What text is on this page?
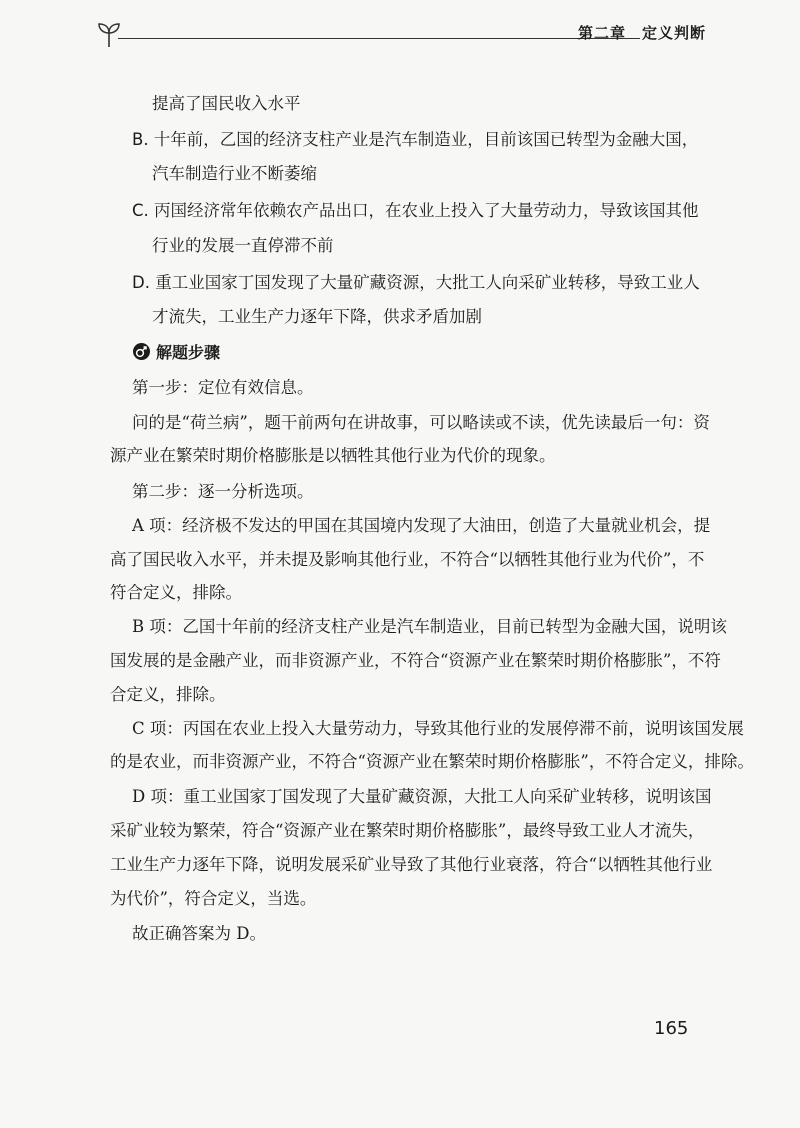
第二章　定义判断
提高了国民收入水平
B. 十年前，乙国的经济支柱产业是汽车制造业，目前该国已转型为金融大国，
汽车制造行业不断萎缩
C. 丙国经济常年依赖农产品出口，在农业上投入了大量劳动力，导致该国其他
行业的发展一直停滞不前
D. 重工业国家丁国发现了大量矿藏资源，大批工人向采矿业转移，导致工业人
才流失，工业生产力逐年下降，供求矛盾加剧
解题步骤
第一步：定位有效信息。
问的是“荷兰病”，题干前两句在讲故事，可以略读或不读，优先读最后一句：资
源产业在繁荣时期价格膨胀是以牺牲其他行业为代价的现象。
第二步：逐一分析选项。
A 项：经济极不发达的甲国在其国境内发现了大油田，创造了大量就业机会，提
高了国民收入水平，并未提及影响其他行业，不符合“以牺牲其他行业为代价”，不
符合定义，排除。
B 项：乙国十年前的经济支柱产业是汽车制造业，目前已转型为金融大国，说明该
国发展的是金融产业，而非资源产业，不符合“资源产业在繁荣时期价格膨胀”，不符
合定义，排除。
C 项：丙国在农业上投入大量劳动力，导致其他行业的发展停滞不前，说明该国发展
的是农业，而非资源产业，不符合“资源产业在繁荣时期价格膨胀”，不符合定义，排除。
D 项：重工业国家丁国发现了大量矿藏资源，大批工人向采矿业转移，说明该国
采矿业较为繁荣，符合“资源产业在繁荣时期价格膨胀”，最终导致工业人才流失，
工业生产力逐年下降，说明发展采矿业导致了其他行业衰落，符合“以牺牲其他行业
为代价”，符合定义，当选。
故正确答案为 D。
165
